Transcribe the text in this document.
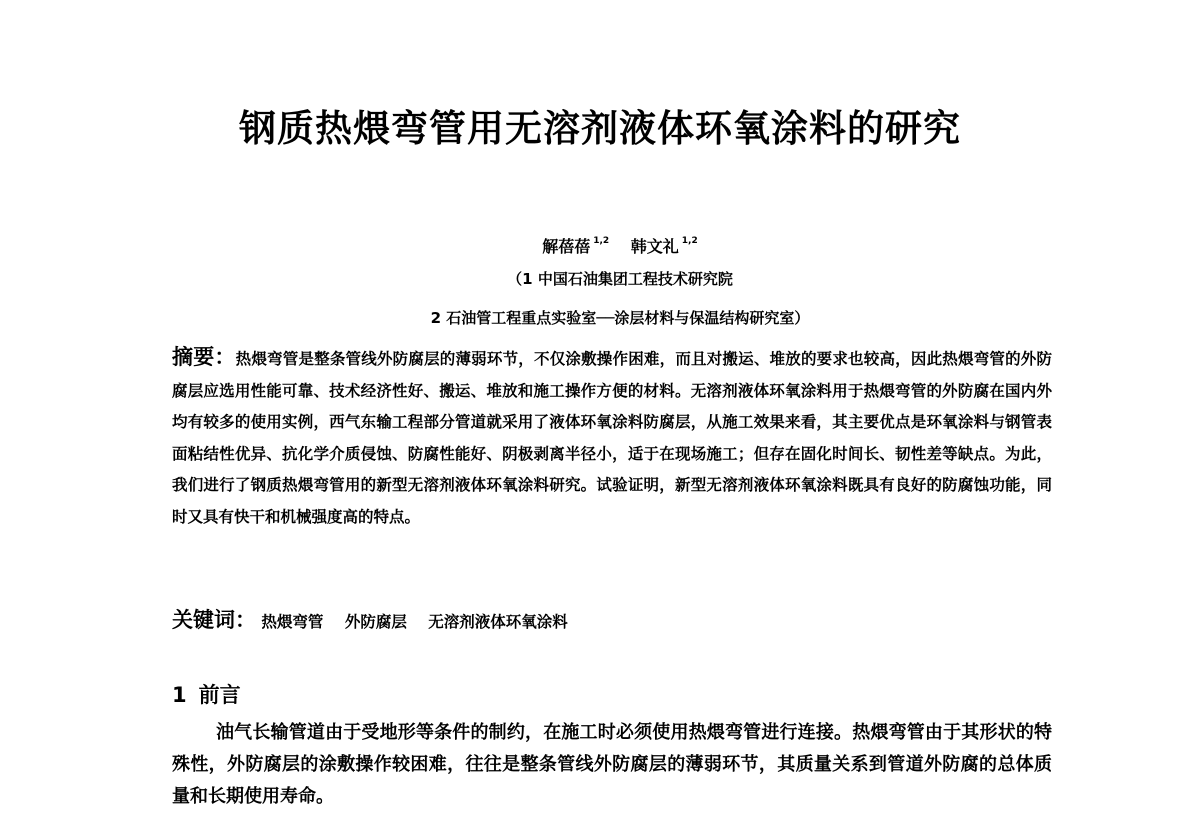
钢质热煨弯管用无溶剂液体环氧涂料的研究
解蓓蓓 $^{1,2}$ 韩文礼 $^{1,2}$
（1 中国石油集团工程技术研究院
2 石油管工程重点实验室──涂层材料与保温结构研究室）
摘要：热煨弯管是整条管线外防腐层的薄弱环节，不仅涂敷操作困难，而且对搬运、堆放的要求也较高，因此热煨弯管的外防腐层应选用性能可靠、技术经济性好、搬运、堆放和施工操作方便的材料。无溶剂液体环氧涂料用于热煨弯管的外防腐在国内外均有较多的使用实例，西气东输工程部分管道就采用了液体环氧涂料防腐层，从施工效果来看，其主要优点是环氧涂料与钢管表面粘结性优异、抗化学介质侵蚀、防腐性能好、阴极剥离半径小，适于在现场施工；但存在固化时间长、韧性差等缺点。为此，我们进行了钢质热煨弯管用的新型无溶剂液体环氧涂料研究。试验证明，新型无溶剂液体环氧涂料既具有良好的防腐蚀功能，同时又具有快干和机械强度高的特点。
关键词： 热煨弯管 外防腐层 无溶剂液体环氧涂料
1 前言
油气长输管道由于受地形等条件的制约，在施工时必须使用热煨弯管进行连接。热煨弯管由于其形状的特殊性，外防腐层的涂敷操作较困难，往往是整条管线外防腐层的薄弱环节，其质量关系到管道外防腐的总体质量和长期使用寿命。
